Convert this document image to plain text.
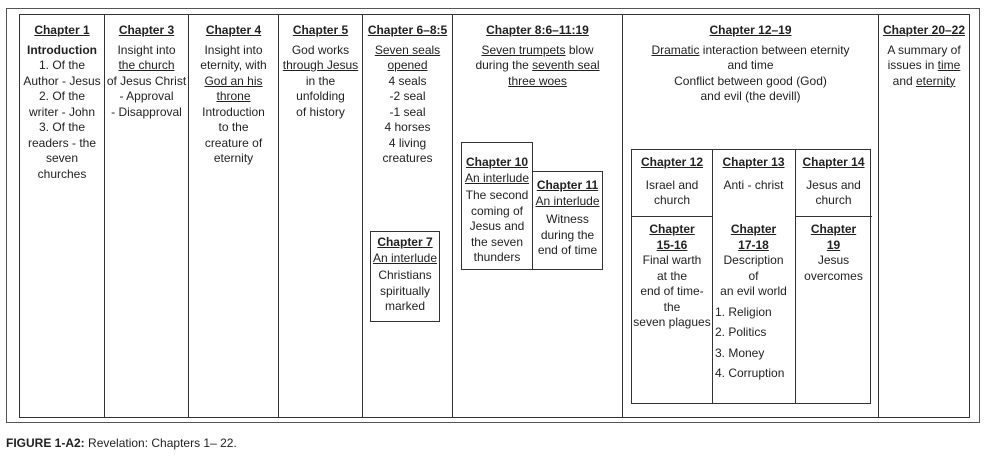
Chapter 1
Introduction
1. Of the
Author - Jesus
2. Of the
writer - John
3. Of the
readers - the
seven churches
Chapter 3
Insight into
the church
of Jesus Christ
- Approval
- Disapproval
Chapter 4
Insight into
eternity, with
God an his
throne
Introduction
to the
creature of
eternity
Chapter 5
God works
through Jesus
in the
unfolding
of history
Chapter 6–8:5
Seven seals
opened
4 seals
-2 seal
-1 seal
4 horses
4 living
creatures
Chapter 7
An interlude
Christians
spiritually
marked
Chapter 8:6–11:19
Seven trumpets blow
during the seventh seal
three woes
Chapter 10
An interlude
The second
coming of
Jesus and
the seven
thunders
Chapter 11
An interlude
Witness
during the
end of time
Chapter 12–19
Dramatic interaction between eternity
and time
Conflict between good (God)
and evil (the devill)
Chapter 12
Israel and
church
Chapter 13
Anti - christ
Chapter 14
Jesus and
church
Chapter
15-16
Final warth
at the
end of time-
the
seven plagues
Chapter
17-18
Description
of
an evil world
1. Religion
2. Politics
3. Money
4. Corruption
Chapter
19
Jesus
overcomes
Chapter 20–22
A summary of
issues in time
and eternity
FIGURE 1-A2: Revelation: Chapters 1– 22.
